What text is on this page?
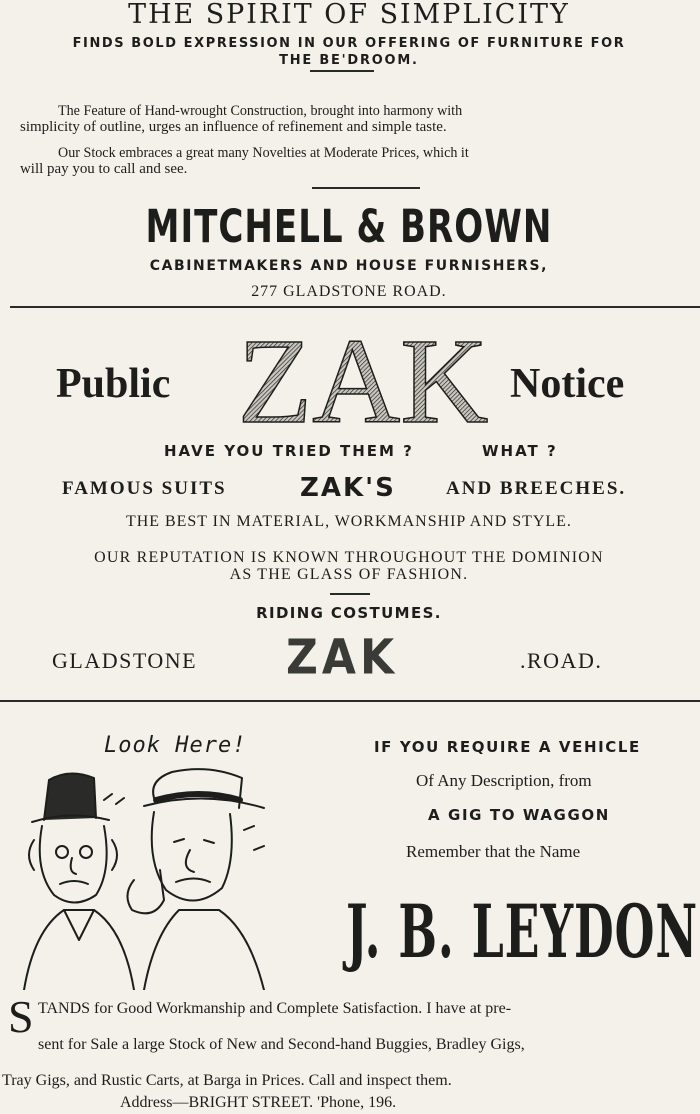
THE SPIRIT OF SIMPLICITY
FINDS BOLD EXPRESSION IN OUR OFFERING OF FURNITURE FOR
THE BE'DROOM.
The Feature of Hand-wrought Construction, brought into harmony with
simplicity of outline, urges an influence of refinement and simple taste.
Our Stock embraces a great many Novelties at Moderate Prices, which it
will pay you to call and see.
MITCHELL & BROWN
CABINETMAKERS AND HOUSE FURNISHERS,
277 GLADSTONE ROAD.
Public ZAK Notice
HAVE YOU TRIED THEM ?	WHAT ?
FAMOUS SUITS	ZAK'S	AND BREECHES.
THE BEST IN MATERIAL, WORKMANSHIP AND STYLE.
OUR REPUTATION IS KNOWN THROUGHOUT THE DOMINION
AS THE GLASS OF FASHION.
RIDING COSTUMES.
GLADSTONE ZAK	.ROAD.
Look Here!	IF YOU REQUIRE A VEHICLE
Of Any Description, from
A GIG TO WAGGON
Remember that the Name
J. B. LEYDON
S TANDS for Good Workmanship and Complete Satisfaction. I have at pre-
sent for Sale a large Stock of New and Second-hand Buggies, Bradley Gigs,
Tray Gigs, and Rustic Carts, at Barga in Prices. Call and inspect them.
Address—BRIGHT STREET. 'Phone, 196.
